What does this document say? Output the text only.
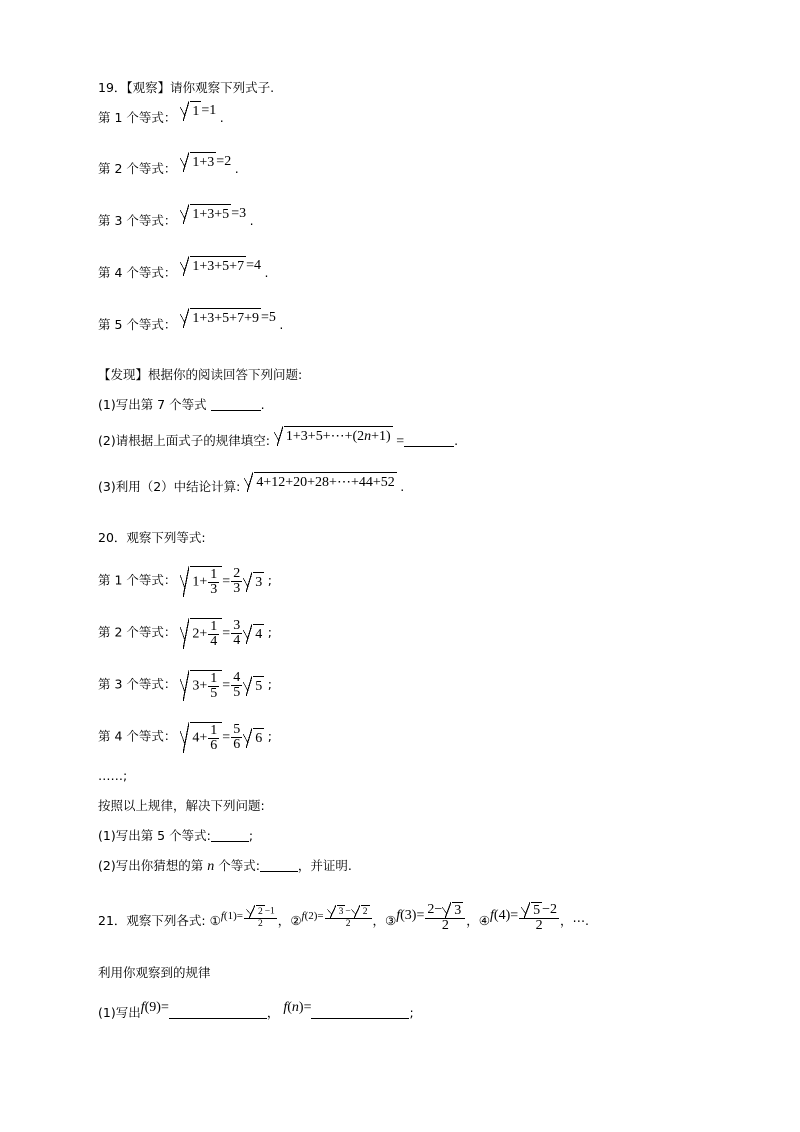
19．【观察】请你观察下列式子.
第 1 个等式： 1 =1 .
第 2 个等式： 1+3 =2 .
第 3 个等式： 1+3+5 =3 .
第 4 个等式： 1+3+5+7 =4 .
第 5 个等式： 1+3+5+7+9 =5 .
【发现】根据你的阅读回答下列问题:
(1)写出第 7 个等式	.
(2)请根据上面式子的规律填空: 1+3+5+⋯+(2n+1) =	.
(3)利用（2）中结论计算: 4+12+20+28+⋯+44+52 .
20．观察下列等式:
第 1 个等式： $1+ \frac{1}{3} = \frac{2}{3} 3$ ;
第 2 个等式： $2+ \frac{1}{4} = \frac{3}{4} 4$ ;
第 3 个等式： $3+ \frac{1}{5} = \frac{4}{5} 5$ ;
第 4 个等式： $4+ \frac{1}{6} = \frac{5}{6} 6$ ;
……;
按照以上规律，解决下列问题:
(1)写出第 5 个等式:	;
(2)写出你猜想的第 n 个等式:	，并证明.
21．观察下列各式: ①f(1)= $\frac{2 -1}{2}$ ，②f(2)= $\frac{3 - 2}{2}$ ，③f(3)= $\frac{2- 3}{2}$ ，④f(4)= $\frac{5 -2}{2}$ ，⋯.
利用你观察到的规律
(1)写出f(9)=	， f(n)=	;
